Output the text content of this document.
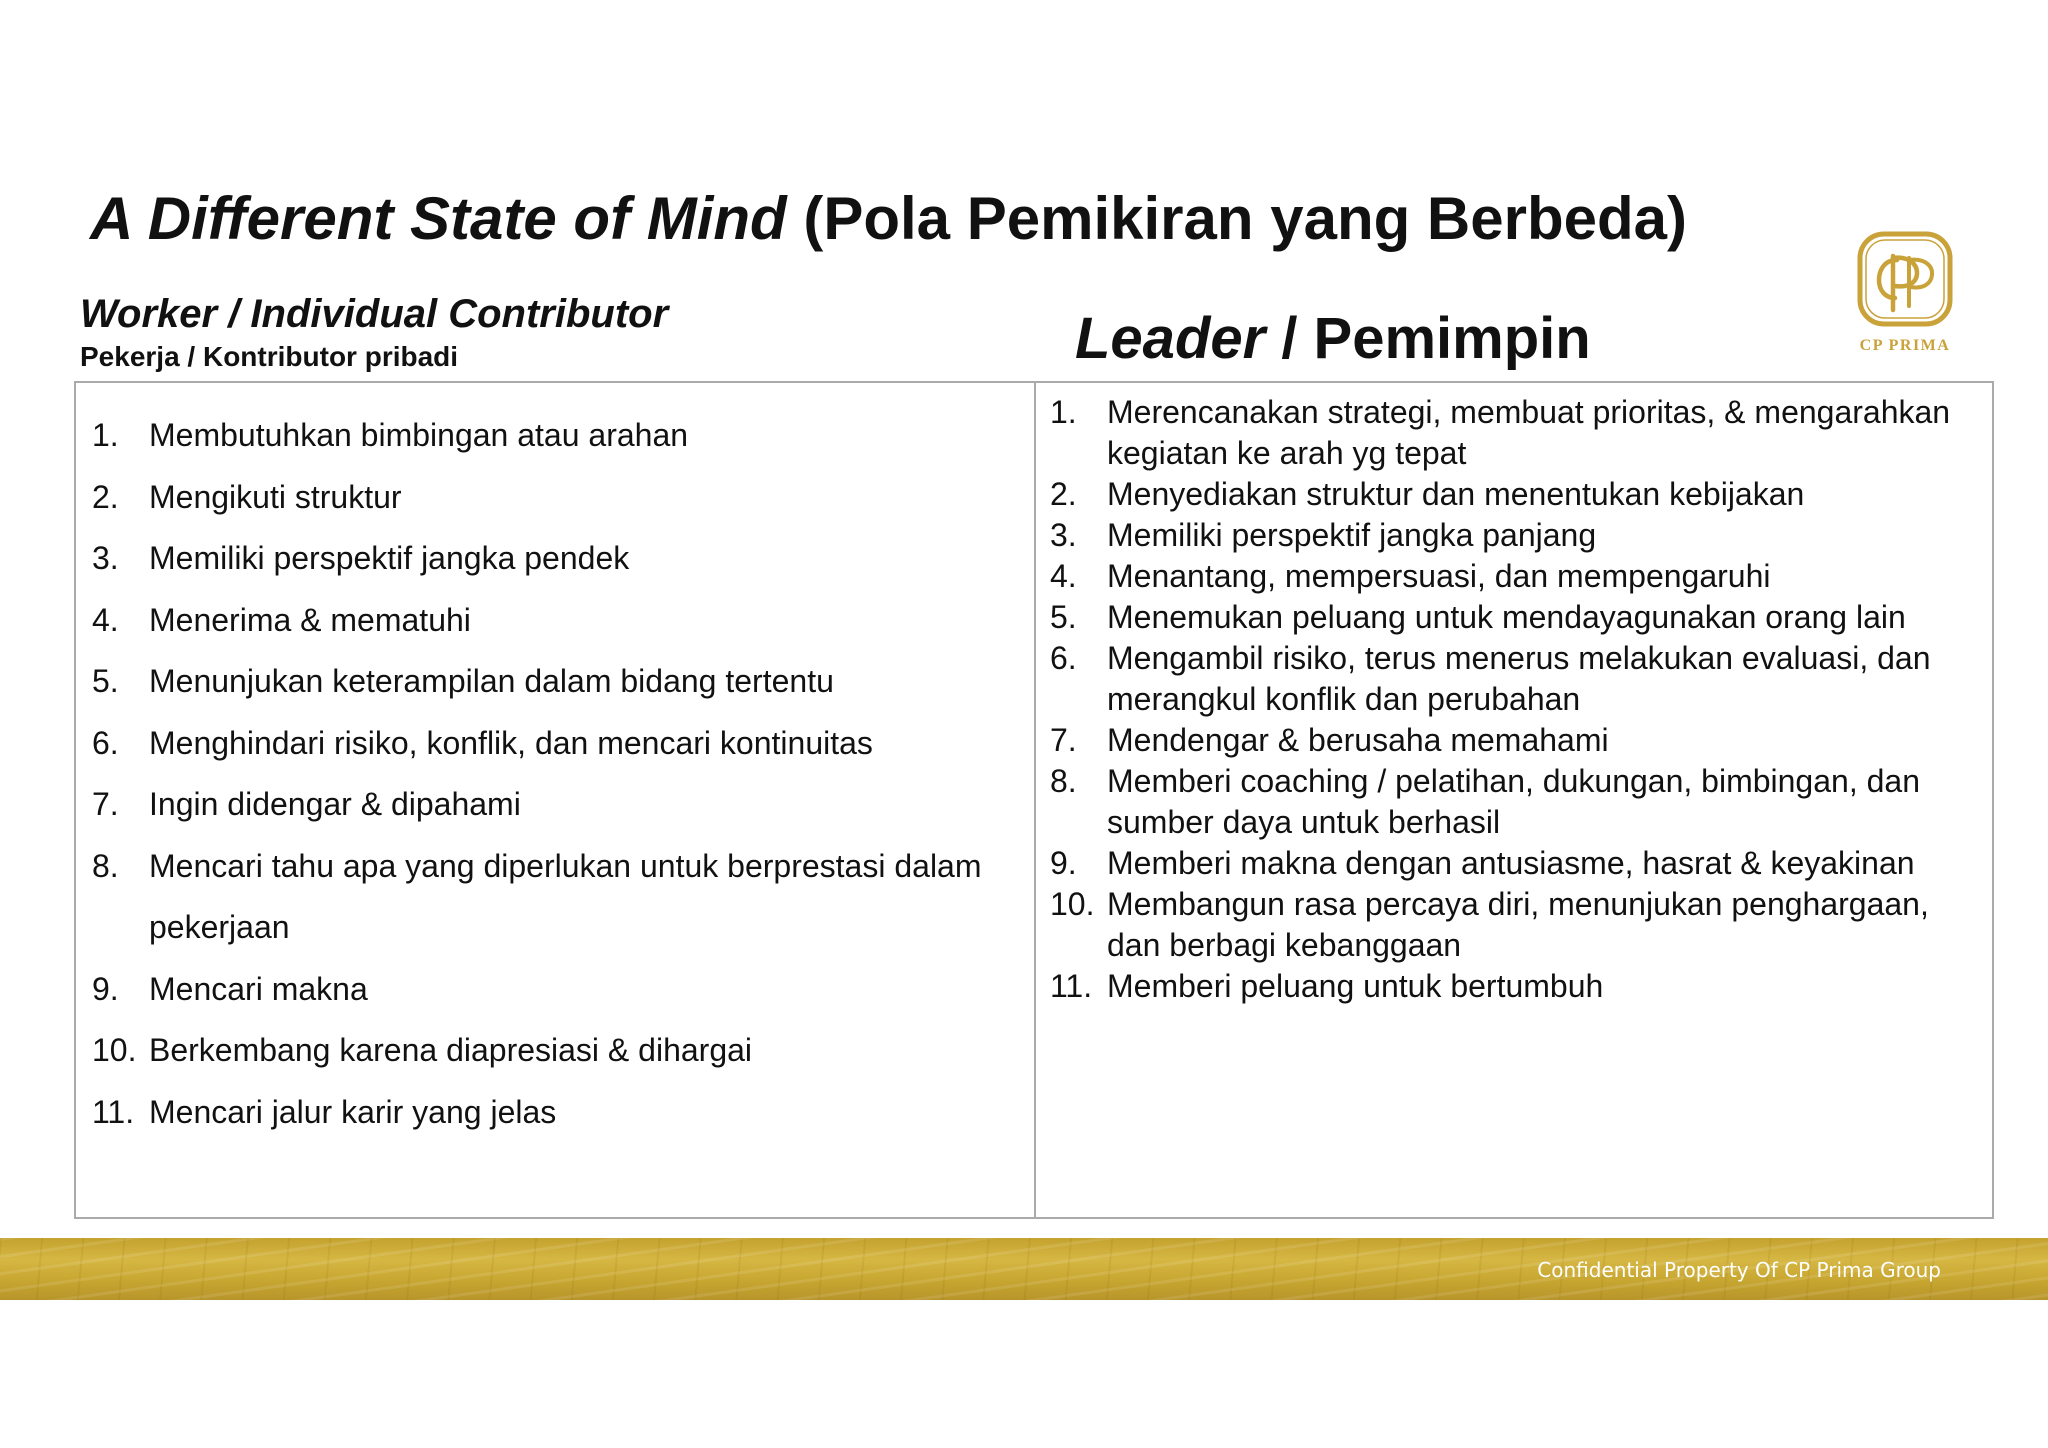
A Different State of Mind (Pola Pemikiran yang Berbeda)
Worker / Individual Contributor
Pekerja / Kontributor pribadi	Leader / Pemimpin	CP PRIMA
1. Membutuhkan bimbingan atau arahan
2. Mengikuti struktur
3. Memiliki perspektif jangka pendek
4. Menerima & mematuhi
5. Menunjukan keterampilan dalam bidang tertentu
6. Menghindari risiko, konflik, dan mencari kontinuitas
7. Ingin didengar & dipahami
8. Mencari tahu apa yang diperlukan untuk berprestasi dalam pekerjaan
9. Mencari makna
10. Berkembang karena diapresiasi & dihargai
11. Mencari jalur karir yang jelas
1. Merencanakan strategi, membuat prioritas, & mengarahkan kegiatan ke arah yg tepat
2. Menyediakan struktur dan menentukan kebijakan
3. Memiliki perspektif jangka panjang
4. Menantang, mempersuasi, dan mempengaruhi
5. Menemukan peluang untuk mendayagunakan orang lain
6. Mengambil risiko, terus menerus melakukan evaluasi, dan merangkul konflik dan perubahan
7. Mendengar & berusaha memahami
8. Memberi coaching / pelatihan, dukungan, bimbingan, dan sumber daya untuk berhasil
9. Memberi makna dengan antusiasme, hasrat & keyakinan
10. Membangun rasa percaya diri, menunjukan penghargaan, dan berbagi kebanggaan
11. Memberi peluang untuk bertumbuh
Confidential Property Of CP Prima Group
